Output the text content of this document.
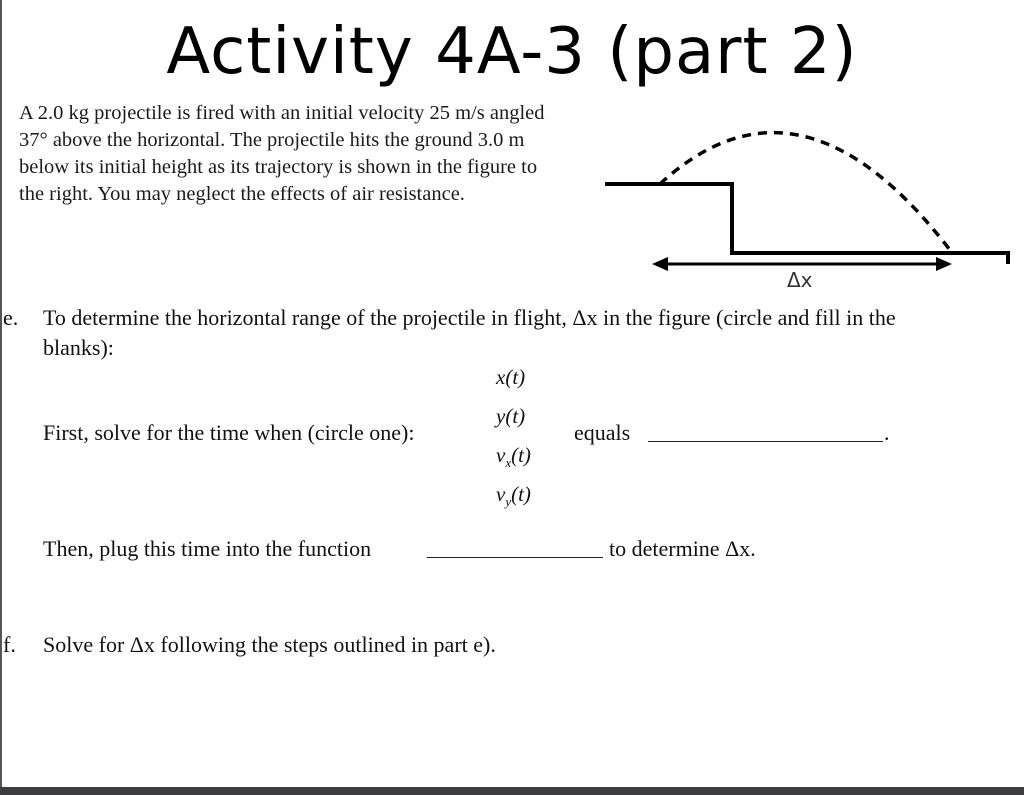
Activity 4A-3 (part 2)
A 2.0 kg projectile is fired with an initial velocity 25 m/s angled 37° above the horizontal. The projectile hits the ground 3.0 m below its initial height as its trajectory is shown in the figure to the right. You may neglect the effects of air resistance.
Δx
e. To determine the horizontal range of the projectile in flight, Δx in the figure (circle and fill in the
blanks):
First, solve for the time when (circle one):
x(t)
y(t)
$v_x(t)$
$v_y(t)$
equals	.
Then, plug this time into the function	to determine Δx.
f. Solve for Δx following the steps outlined in part e).
